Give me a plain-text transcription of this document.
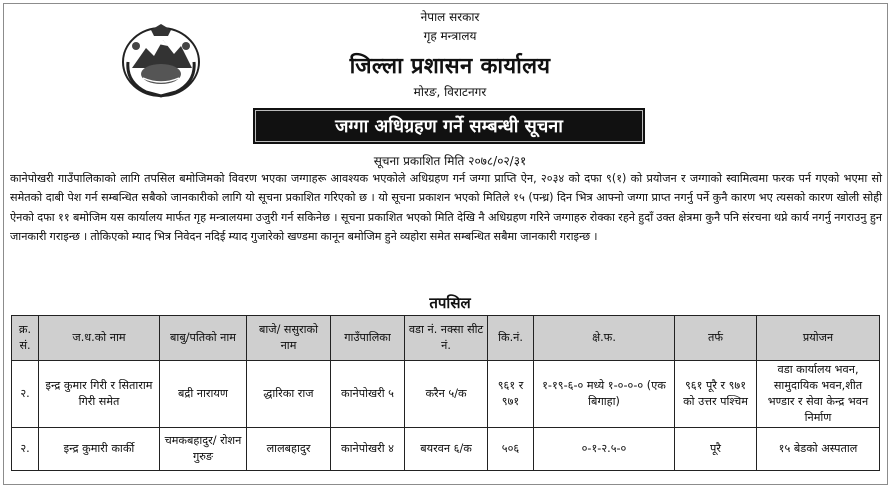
नेपाल सरकार
गृह मन्त्रालय
जिल्ला प्रशासन कार्यालय
मोरङ, विराटनगर
जग्गा अधिग्रहण गर्ने सम्बन्धी सूचना
सूचना प्रकाशित मिति २०७८/०२/३१
कानेपोखरी गाउँपालिकाको लागि तपसिल बमोजिमको विवरण भएका जग्गाहरू आवश्यक भएकोले अधिग्रहण गर्न जग्गा प्राप्ति ऐन, २०३४ को दफा ९(१) को प्रयोजन र जग्गाको स्वामित्वमा फरक पर्न गएको भएमा सो समेतको दाबी पेश गर्न सम्बन्धित सबैको जानकारीको लागि यो सूचना प्रकाशित गरिएको छ । यो सूचना प्रकाशन भएको मितिले १५ (पन्ध्र) दिन भित्र आफ्नो जग्गा प्राप्त नगर्नु पर्ने कुनै कारण भए त्यसको कारण खोली सोही ऐनको दफा ११ बमोजिम यस कार्यालय मार्फत गृह मन्त्रालयमा उजुरी गर्न सकिनेछ । सूचना प्रकाशित भएको मिति देखि नै अधिग्रहण गरिने जग्गाहरु रोक्का रहने हुदाँ उक्त क्षेत्रमा कुनै पनि संरचना थप्ने कार्य नगर्नु नगराउनु हुन जानकारी गराइन्छ । तोकिएको म्याद भित्र निवेदन नदिई म्याद गुजारेको खण्डमा कानून बमोजिम हुने व्यहोरा समेत सम्बन्धित सबैमा जानकारी गराइन्छ ।
तपसिल
क्र. सं.	ज.ध.को नाम	बाबु/पतिको नाम	बाजे/ ससुराको नाम	गाउँपालिका	वडा नं. नक्सा सीट नं.	कि.नं.	क्षे.फ.	तर्फ	प्रयोजन
२.	इन्द्र कुमार गिरी र सिताराम गिरी समेत	बद्री नारायण	द्धारिका राज	कानेपोखरी ५	करैन ५/क	९६१ र ९७१	१-१९-६-० मध्ये १-०-०-० (एक बिगाहा)	९६१ पूरै र ९७१ को उत्तर पश्चिम	वडा कार्यालय भवन, सामुदायिक भवन,शीत भण्डार र सेवा केन्द्र भवन निर्माण
२.	इन्द्र कुमारी कार्की	चमकबहादुर/ रोशन गुरुङ	लालबहादुर	कानेपोखरी ४	बयरवन ६/क	५०६	०-१-२.५-०	पूरै	१५ बेडको अस्पताल
